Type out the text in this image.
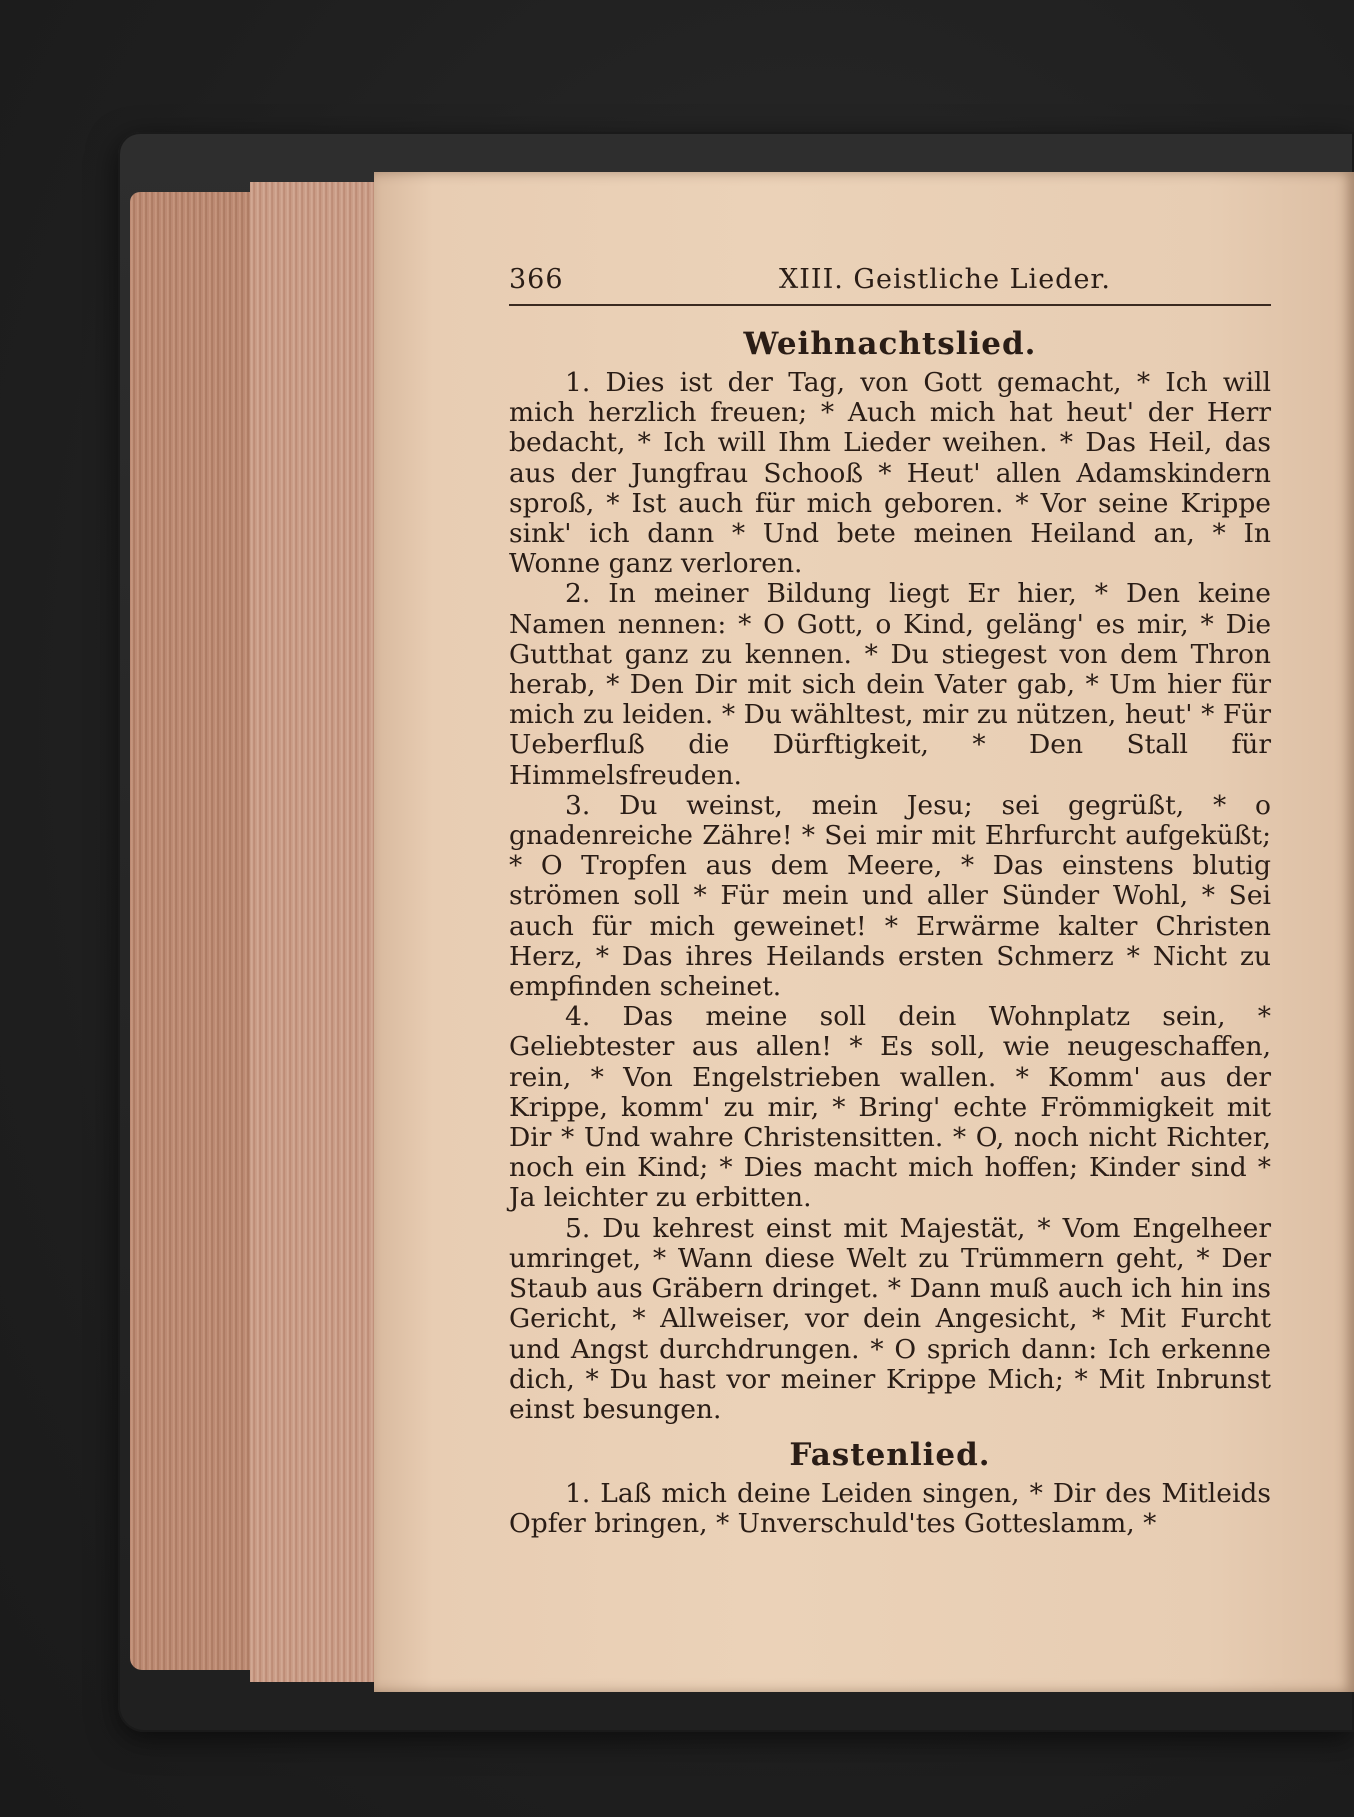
366	XIII. Geistliche Lieder.
Weihnachtslied.

1. Dies ist der Tag, von Gott gemacht, * Ich will mich herzlich freuen; * Auch mich hat heut' der Herr bedacht, * Ich will Ihm Lieder weihen. * Das Heil, das aus der Jungfrau Schooß * Heut' allen Adamskindern sproß, * Ist auch für mich geboren. * Vor seine Krippe sink' ich dann * Und bete meinen Heiland an, * In Wonne ganz verloren.

2. In meiner Bildung liegt Er hier, * Den keine Namen nennen: * O Gott, o Kind, geläng' es mir, * Die Gutthat ganz zu kennen. * Du stiegest von dem Thron herab, * Den Dir mit sich dein Vater gab, * Um hier für mich zu leiden. * Du wähltest, mir zu nützen, heut' * Für Ueberfluß die Dürftigkeit, * Den Stall für Himmelsfreuden.

3. Du weinst, mein Jesu; sei gegrüßt, * o gnadenreiche Zähre! * Sei mir mit Ehrfurcht aufgeküßt; * O Tropfen aus dem Meere, * Das einstens blutig strömen soll * Für mein und aller Sünder Wohl, * Sei auch für mich geweinet! * Erwärme kalter Christen Herz, * Das ihres Heilands ersten Schmerz * Nicht zu empfinden scheinet.

4. Das meine soll dein Wohnplatz sein, * Geliebtester aus allen! * Es soll, wie neugeschaffen, rein, * Von Engelstrieben wallen. * Komm' aus der Krippe, komm' zu mir, * Bring' echte Frömmigkeit mit Dir * Und wahre Christensitten. * O, noch nicht Richter, noch ein Kind; * Dies macht mich hoffen; Kinder sind * Ja leichter zu erbitten.

5. Du kehrest einst mit Majestät, * Vom Engelheer umringet, * Wann diese Welt zu Trümmern geht, * Der Staub aus Gräbern dringet. * Dann muß auch ich hin ins Gericht, * Allweiser, vor dein Angesicht, * Mit Furcht und Angst durchdrungen. * O sprich dann: Ich erkenne dich, * Du hast vor meiner Krippe Mich; * Mit Inbrunst einst besungen.

Fastenlied.

1. Laß mich deine Leiden singen, * Dir des Mitleids Opfer bringen, * Unverschuld'tes Gotteslamm, *
